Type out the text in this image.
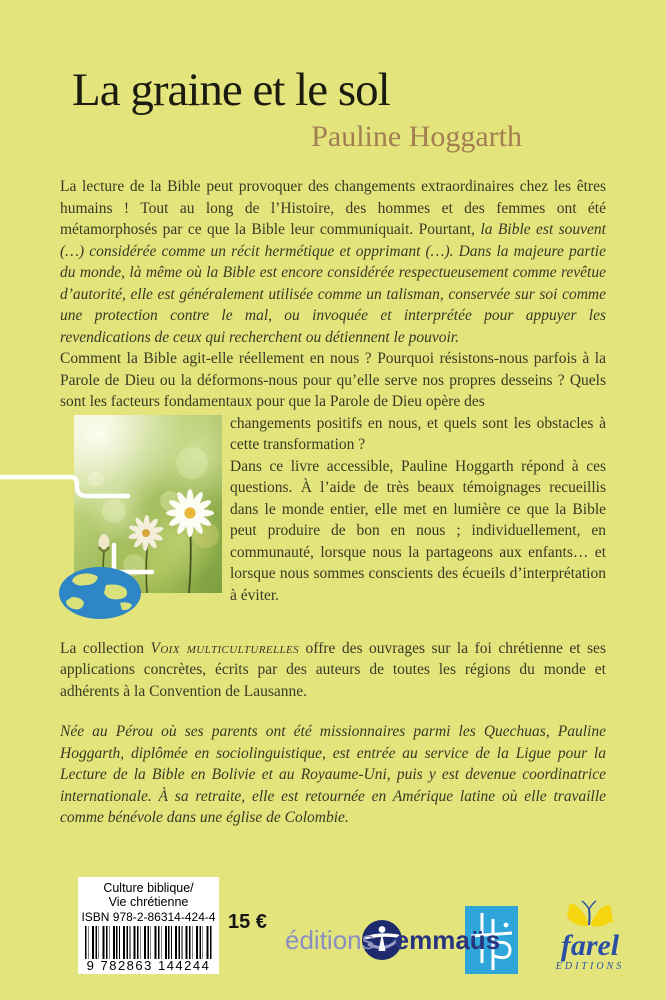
La graine et le sol
Pauline Hoggarth
La lecture de la Bible peut provoquer des changements extraordinaires chez les êtres humains ! Tout au long de l’Histoire, des hommes et des femmes ont été métamorphosés par ce que la Bible leur communiquait. Pourtant, la Bible est souvent (…) considérée comme un récit hermétique et opprimant (…). Dans la majeure partie du monde, là même où la Bible est encore considérée respectueusement comme revêtue d’autorité, elle est généralement utilisée comme un talisman, conservée sur soi comme une protection contre le mal, ou invoquée et interprétée pour appuyer les revendications de ceux qui recherchent ou détiennent le pouvoir.
Comment la Bible agit-elle réellement en nous ? Pourquoi résistons-nous parfois à la Parole de Dieu ou la déformons-nous pour qu’elle serve nos propres desseins ? Quels sont les facteurs fondamentaux pour que la Parole de Dieu opère des
changements positifs en nous, et quels sont les obstacles à cette transformation ?
Dans ce livre accessible, Pauline Hoggarth répond à ces questions. À l’aide de très beaux témoignages recueillis dans le monde entier, elle met en lumière ce que la Bible peut produire de bon en nous ; individuellement, en communauté, lorsque nous la partageons aux enfants… et lorsque nous sommes conscients des écueils d’interprétation à éviter.
La collection Voix multiculturelles offre des ouvrages sur la foi chrétienne et ses applications concrètes, écrits par des auteurs de toutes les régions du monde et adhérents à la Convention de Lausanne.
Née au Pérou où ses parents ont été missionnaires parmi les Quechuas, Pauline Hoggarth, diplômée en sociolinguistique, est entrée au service de la Ligue pour la Lecture de la Bible en Bolivie et au Royaume-Uni, puis y est devenue coordinatrice internationale. À sa retraite, elle est retournée en Amérique latine où elle travaille comme bénévole dans une église de Colombie.
Culture biblique/
Vie chrétienne
ISBN 978-2-86314-424-4
9 782863 144244
15 €
éditions emmaüs	farel
EDITIONS
